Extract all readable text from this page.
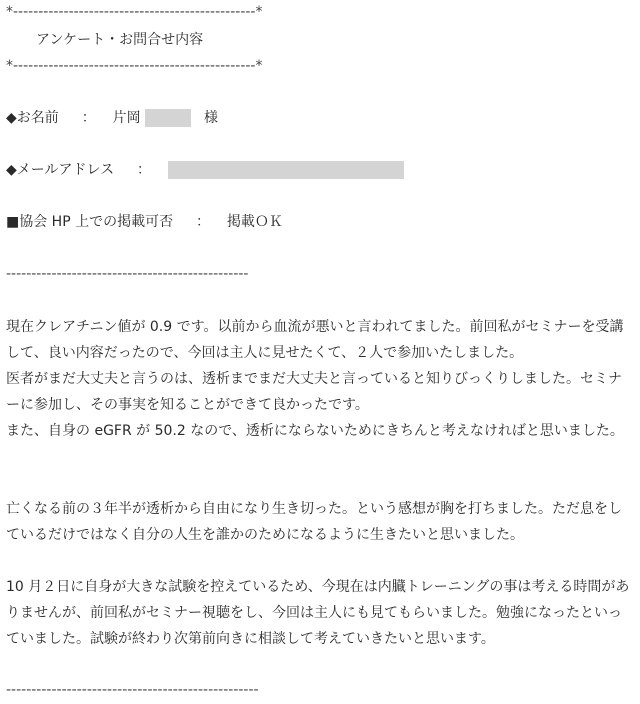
*------------------------------------------------*
アンケート・お問合せ内容
*------------------------------------------------*
◆お名前 ： 片岡	様
◆メールアドレス ：
■協会 HP 上での掲載可否 ： 掲載ＯＫ
------------------------------------------------
現在クレアチニン値が 0.9 です。以前から血流が悪いと言われてました。前回私がセミナーを受講して、良い内容だったので、今回は主人に見せたくて、２人で参加いたしました。
医者がまだ大丈夫と言うのは、透析までまだ大丈夫と言っていると知りびっくりしました。セミナーに参加し、その事実を知ることができて良かったです。
また、自身の eGFR が 50.2 なので、透析にならないためにきちんと考えなければと思いました。
亡くなる前の３年半が透析から自由になり生き切った。という感想が胸を打ちました。ただ息をしているだけではなく自分の人生を誰かのためになるように生きたいと思いました。
10 月２日に自身が大きな試験を控えているため、今現在は内臓トレーニングの事は考える時間がありませんが、前回私がセミナー視聴をし、今回は主人にも見てもらいました。勉強になったといっていました。試験が終わり次第前向きに相談して考えていきたいと思います。
--------------------------------------------------
